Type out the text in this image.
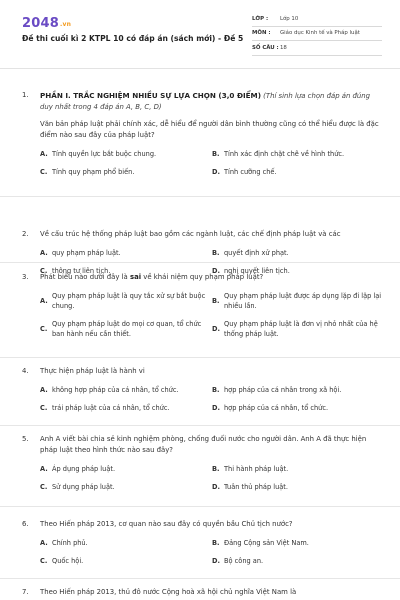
2048.vn
Đề thi cuối kì 2 KTPL 10 có đáp án (sách mới) - Đề 5
LỚP :	Lớp 10
MÔN :	Giáo dục Kinh tế và Pháp luật
SỐ CÂU : 18
1.	PHẦN I. TRẮC NGHIỆM NHIỀU SỰ LỰA CHỌN (3,0 ĐIỂM) (Thí sinh lựa chọn đáp án đúng duy nhất trong 4 đáp án A, B, C, D)
Văn bản pháp luật phải chính xác, dễ hiểu để người dân bình thường cũng có thể hiểu được là đặc điểm nào sau đây của pháp luật?
A. Tính quyền lực bắt buộc chung.	B. Tính xác định chặt chẽ về hình thức.
C. Tính quy phạm phổ biến.	D. Tính cưỡng chế.
2.	Về cấu trúc hệ thống pháp luật bao gồm các ngành luật, các chế định pháp luật và các
A. quy phạm pháp luật.	B. quyết định xử phạt.
C. thông tư liên tịch.	D. nghị quyết liên tịch.
3.	Phát biểu nào dưới đây là sai về khái niệm quy phạm pháp luật?
A.
Quy phạm pháp luật là quy tắc xử sự bắt buộc chung.
B.
Quy phạm pháp luật được áp dụng lặp đi lặp lại nhiều lần.
C.
Quy phạm pháp luật do mọi cơ quan, tổ chức ban hành nếu cần thiết.
D.
Quy phạm pháp luật là đơn vị nhỏ nhất của hệ thống pháp luật.
4.	Thực hiện pháp luật là hành vi
A. không hợp pháp của cá nhân, tổ chức.	B. hợp pháp của cá nhân trong xã hội.
C. trái pháp luật của cá nhân, tổ chức.	D. hợp pháp của cá nhân, tổ chức.
5.	Anh A viết bài chia sẻ kinh nghiệm phòng, chống đuối nước cho người dân. Anh A đã thực hiện pháp luật theo hình thức nào sau đây?
A. Áp dụng pháp luật.	B. Thi hành pháp luật.
C. Sử dụng pháp luật.	D. Tuân thủ pháp luật.
6.	Theo Hiến pháp 2013, cơ quan nào sau đây có quyền bầu Chủ tịch nước?
A. Chính phủ.	B. Đảng Cộng sản Việt Nam.
C. Quốc hội.	D. Bộ công an.
7.	Theo Hiến pháp 2013, thủ đô nước Cộng hoà xã hội chủ nghĩa Việt Nam là
